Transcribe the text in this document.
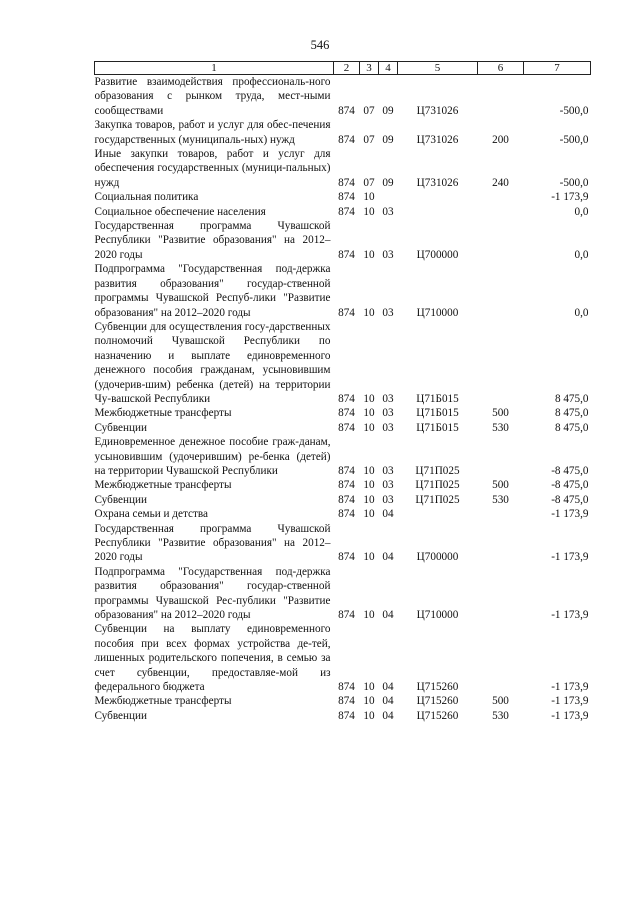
546
1	2	3	4	5	6	7
Развитие взаимодействия профессиональ-ного образования с рынком труда, мест-ными сообществами	874	07	09	Ц731026		-500,0
Закупка товаров, работ и услуг для обес-печения государственных (муниципаль-ных) нужд	874	07	09	Ц731026	200	-500,0
Иные закупки товаров, работ и услуг для обеспечения государственных (муници-пальных) нужд	874	07	09	Ц731026	240	-500,0
Социальная политика	874	10				-1 173,9
Социальное обеспечение населения	874	10	03			0,0
Государственная программа Чувашской Республики "Развитие образования" на 2012–2020 годы	874	10	03	Ц700000		0,0
Подпрограмма "Государственная под-держка развития образования" государ-ственной программы Чувашской Респуб-лики "Развитие образования" на 2012–2020 годы	874	10	03	Ц710000		0,0
Субвенции для осуществления госу-дарственных полномочий Чувашской Республики по назначению и выплате единовременного денежного пособия гражданам, усыновившим (удочерив-шим) ребенка (детей) на территории Чу-вашской Республики	874	10	03	Ц71Б015		8 475,0
Межбюджетные трансферты	874	10	03	Ц71Б015	500	8 475,0
Субвенции	874	10	03	Ц71Б015	530	8 475,0
Единовременное денежное пособие граж-данам, усыновившим (удочерившим) ре-бенка (детей) на территории Чувашской Республики	874	10	03	Ц71П025		-8 475,0
Межбюджетные трансферты	874	10	03	Ц71П025	500	-8 475,0
Субвенции	874	10	03	Ц71П025	530	-8 475,0
Охрана семьи и детства	874	10	04			-1 173,9
Государственная программа Чувашской Республики "Развитие образования" на 2012–2020 годы	874	10	04	Ц700000		-1 173,9
Подпрограмма "Государственная под-держка развития образования" государ-ственной программы Чувашской Рес-публики "Развитие образования" на 2012–2020 годы	874	10	04	Ц710000		-1 173,9
Субвенции на выплату единовременного пособия при всех формах устройства де-тей, лишенных родительского попечения, в семью за счет субвенции, предоставляе-мой из федерального бюджета	874	10	04	Ц715260		-1 173,9
Межбюджетные трансферты	874	10	04	Ц715260	500	-1 173,9
Субвенции	874	10	04	Ц715260	530	-1 173,9
